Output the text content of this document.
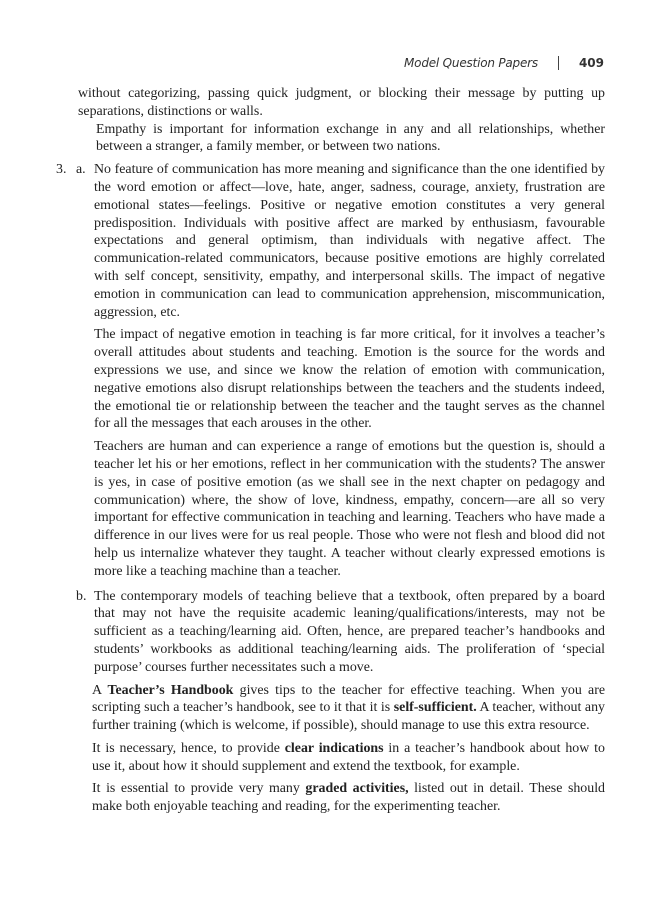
Model Question Papers	409

without categorizing, passing quick judgment, or blocking their message by putting up separations, distinctions or walls.

Empathy is important for information exchange in any and all relationships, whether between a stranger, a family member, or between two nations.

3. a. No feature of communication has more meaning and significance than the one identified by the word emotion or affect—love, hate, anger, sadness, courage, anxiety, frustration are emotional states—feelings. Positive or negative emotion constitutes a very general predisposition. Individuals with positive affect are marked by enthusiasm, favourable expectations and general optimism, than individuals with negative affect. The communication-related communicators, because positive emotions are highly correlated with self concept, sensitivity, empathy, and interpersonal skills. The impact of negative emotion in communication can lead to communication apprehension, miscommunication, aggression, etc.

The impact of negative emotion in teaching is far more critical, for it involves a teacher’s overall attitudes about students and teaching. Emotion is the source for the words and expressions we use, and since we know the relation of emotion with communication, negative emotions also disrupt relationships between the teachers and the students indeed, the emotional tie or relationship between the teacher and the taught serves as the channel for all the messages that each arouses in the other.

Teachers are human and can experience a range of emotions but the question is, should a teacher let his or her emotions, reflect in her communication with the students? The answer is yes, in case of positive emotion (as we shall see in the next chapter on pedagogy and communication) where, the show of love, kindness, empathy, concern—are all so very important for effective communication in teaching and learning. Teachers who have made a difference in our lives were for us real people. Those who were not flesh and blood did not help us internalize whatever they taught. A teacher without clearly expressed emotions is more like a teaching machine than a teacher.

b. The contemporary models of teaching believe that a textbook, often prepared by a board that may not have the requisite academic leaning/qualifications/interests, may not be sufficient as a teaching/learning aid. Often, hence, are prepared teacher’s handbooks and students’ workbooks as additional teaching/learning aids. The proliferation of ‘special purpose’ courses further necessitates such a move.

A Teacher’s Handbook gives tips to the teacher for effective teaching. When you are scripting such a teacher’s handbook, see to it that it is self-sufficient. A teacher, without any further training (which is welcome, if possible), should manage to use this extra resource.

It is necessary, hence, to provide clear indications in a teacher’s handbook about how to use it, about how it should supplement and extend the textbook, for example.

It is essential to provide very many graded activities, listed out in detail. These should make both enjoyable teaching and reading, for the experimenting teacher.
